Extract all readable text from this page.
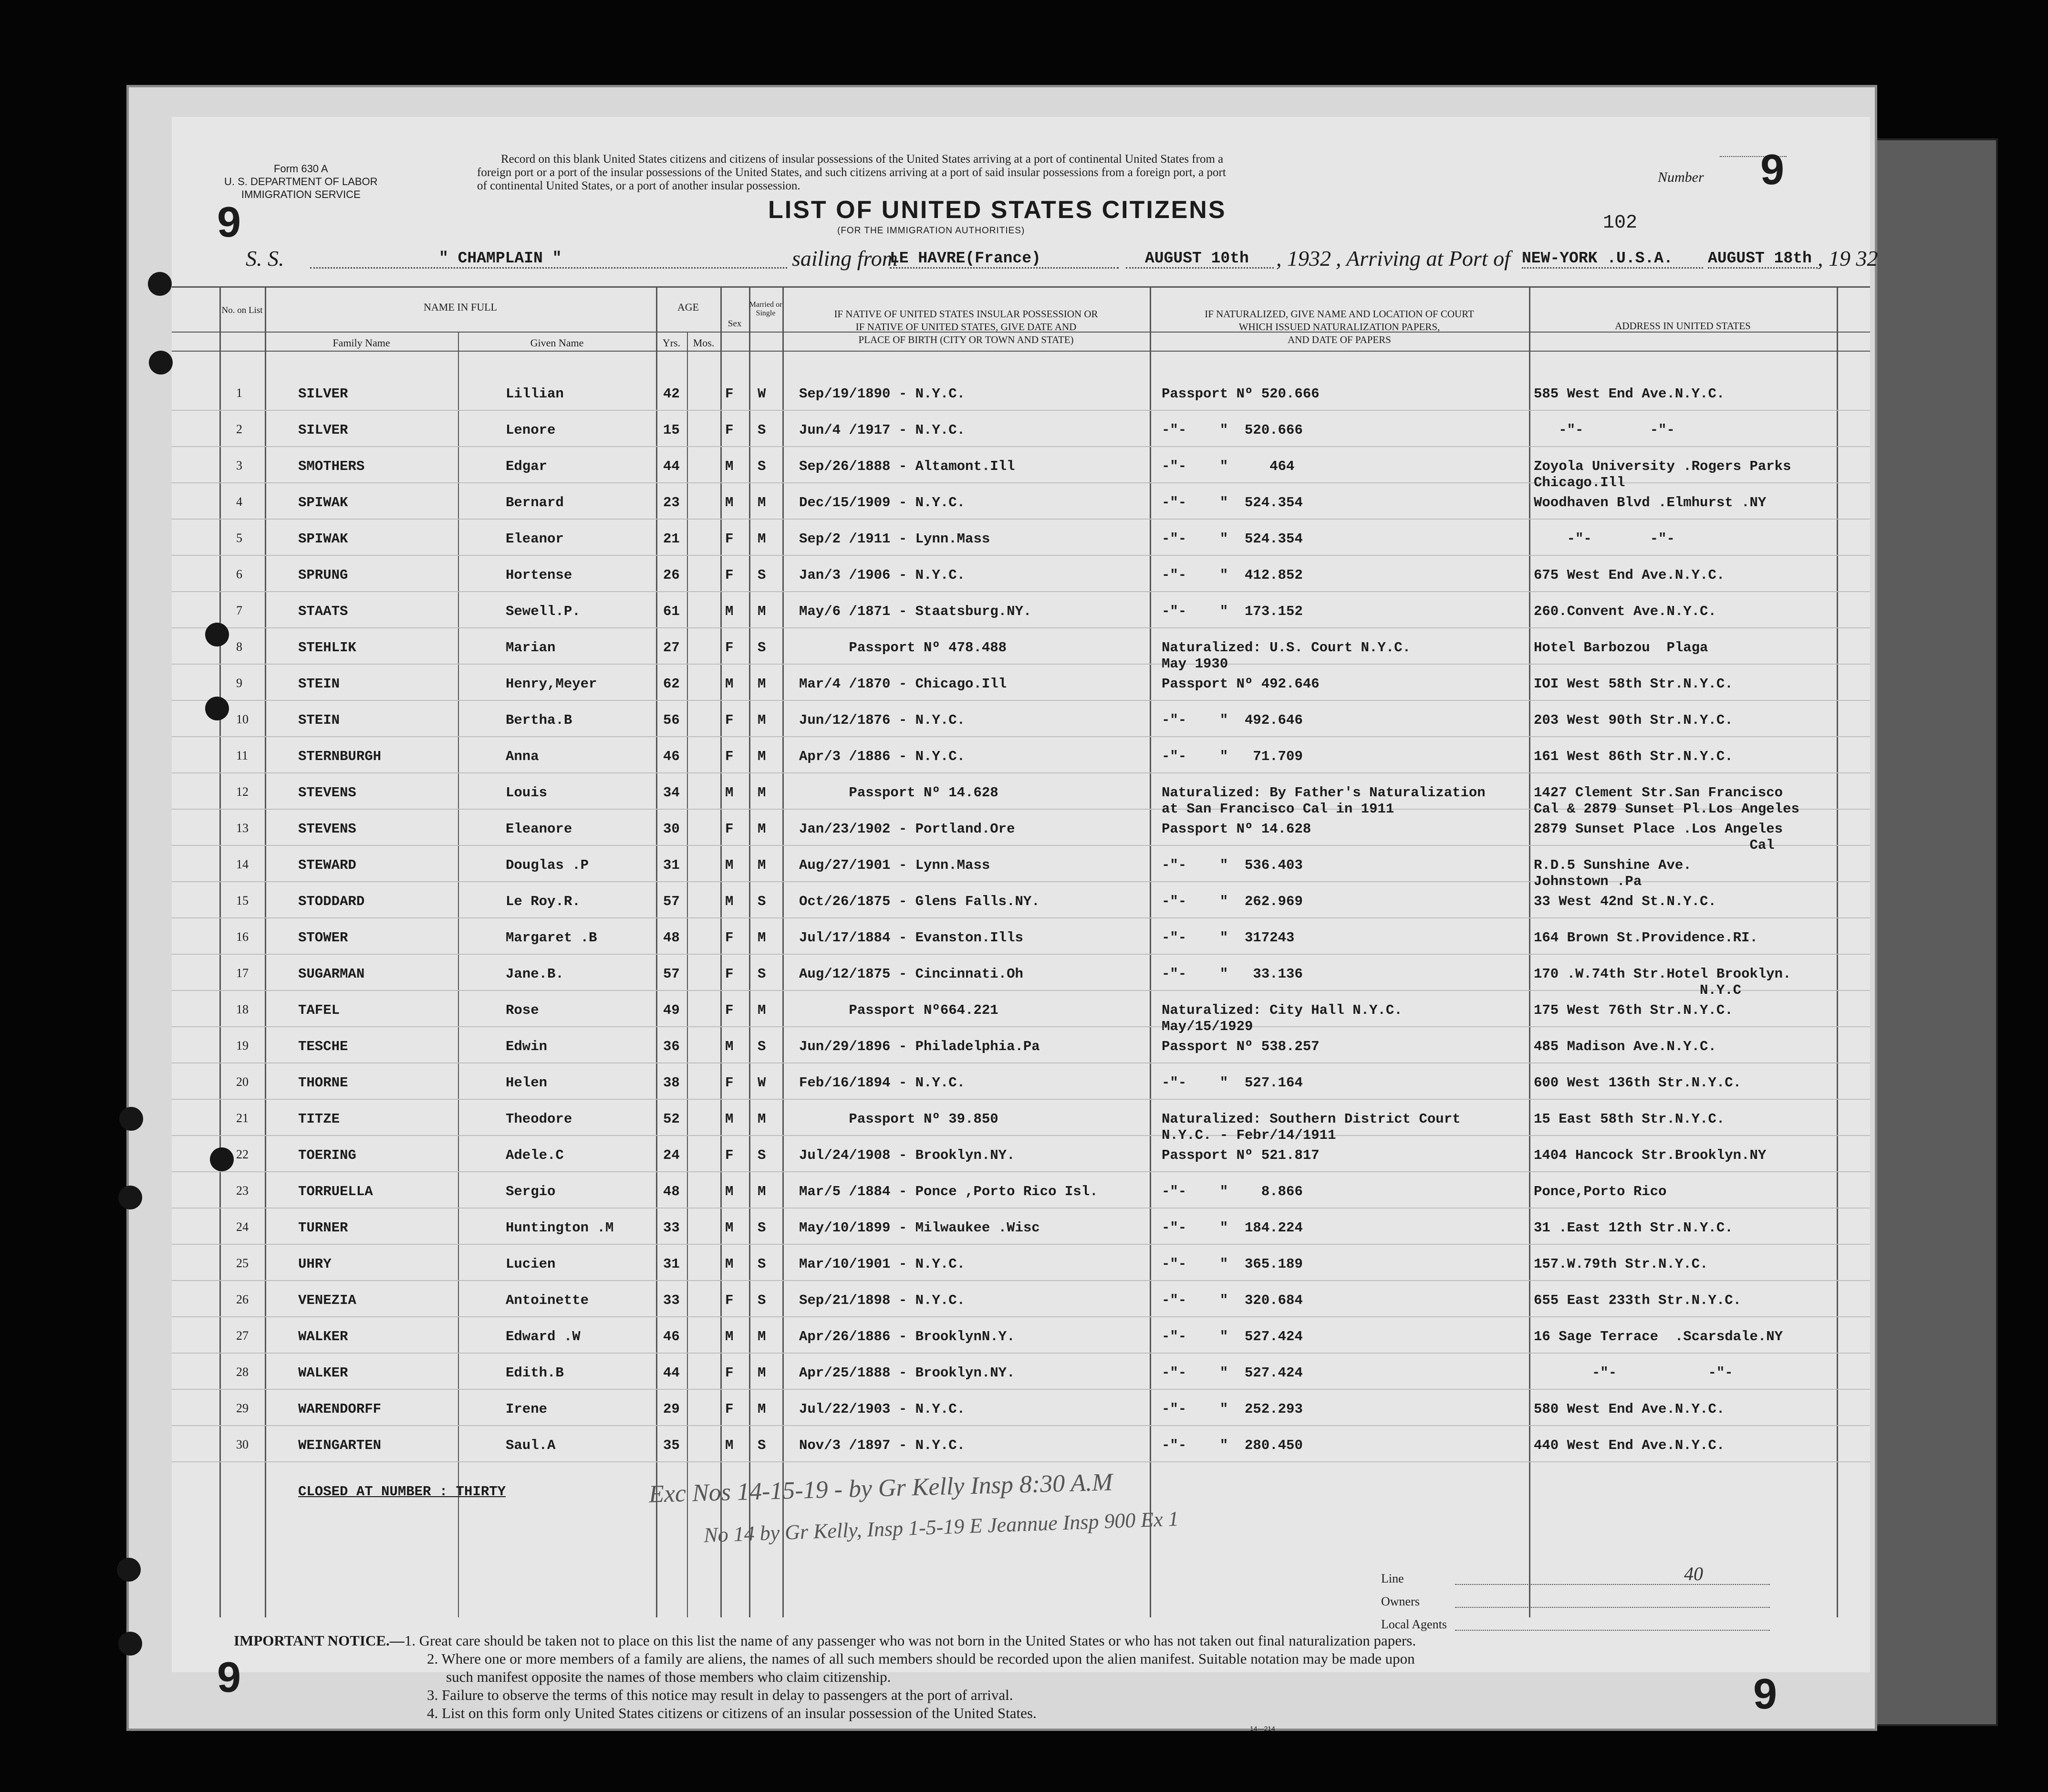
Form 630 A
U. S. DEPARTMENT OF LABOR
IMMIGRATION SERVICE
9
Record on this blank United States citizens and citizens of insular possessions of the United States arriving at a port of continental United States from a
foreign port or a port of the insular possessions of the United States, and such citizens arriving at a port of said insular possessions from a foreign port, a port
of continental United States, or a port of another insular possession.
Number 9
LIST OF UNITED STATES CITIZENS
(FOR THE IMMIGRATION AUTHORITIES)	102
S. S.	" CHAMPLAIN "	sailing from
LE HAVRE(France)	AUGUST 10th	, 1932 , Arriving at Port of NEW-YORK .U.S.A.	AUGUST 18th , 19 32
No. on List	NAME IN FULL
Family Name	Given Name
AGE
Yrs.	Mos.
Sex
Married or Single	IF NATIVE OF UNITED STATES INSULAR POSSESSION OR
IF NATIVE OF UNITED STATES, GIVE DATE AND
PLACE OF BIRTH (CITY OR TOWN AND STATE)
IF NATURALIZED, GIVE NAME AND LOCATION OF COURT
WHICH ISSUED NATURALIZATION PAPERS,
AND DATE OF PAPERS
ADDRESS IN UNITED STATES
1	SILVER	Lillian	42	F W Sep/19/1890 - N.Y.C.	Passport Nº 520.666	585 West End Ave.N.Y.C.
2	SILVER	Lenore	15	F S Jun/4 /1917 - N.Y.C.	-"-    "  520.666	-"-        -"-
3	SMOTHERS	Edgar	44	M S Sep/26/1888 - Altamont.Ill	-"-    "     464	Zoyola University .Rogers Parks
Chicago.Ill
4	SPIWAK	Bernard	23	M M Dec/15/1909 - N.Y.C.	-"-    "  524.354	Woodhaven Blvd .Elmhurst .NY
5	SPIWAK	Eleanor	21	F M Sep/2 /1911 - Lynn.Mass	-"-    "  524.354	-"-       -"-
6	SPRUNG	Hortense	26	F S Jan/3 /1906 - N.Y.C.	-"-    "  412.852	675 West End Ave.N.Y.C.
7	STAATS	Sewell.P.	61	M M May/6 /1871 - Staatsburg.NY.	-"-    "  173.152	260.Convent Ave.N.Y.C.
8	STEHLIK	Marian	27	F S Passport Nº 478.488	Naturalized: U.S. Court N.Y.C.	Hotel Barbozou  Plaga
May 1930
9	STEIN	Henry,Meyer	62	M M Mar/4 /1870 - Chicago.Ill	Passport Nº 492.646	IOI West 58th Str.N.Y.C.
10	STEIN	Bertha.B	56	F M Jun/12/1876 - N.Y.C.	-"-    "  492.646	203 West 90th Str.N.Y.C.
11	STERNBURGH	Anna	46	F M Apr/3 /1886 - N.Y.C.	-"-    "   71.709	161 West 86th Str.N.Y.C.
12	STEVENS	Louis	34	M M Passport Nº 14.628	Naturalized: By Father's Naturalization	1427 Clement Str.San Francisco
at San Francisco Cal in 1911	Cal & 2879 Sunset Pl.Los Angeles
13	STEVENS	Eleanore	30	F M Jan/23/1902 - Portland.Ore	Passport Nº 14.628	2879 Sunset Place .Los Angeles
Cal
14	STEWARD	Douglas .P	31	M M Aug/27/1901 - Lynn.Mass	-"-    "  536.403	R.D.5 Sunshine Ave.
Johnstown .Pa
15	STODDARD	Le Roy.R.	57	M S Oct/26/1875 - Glens Falls.NY.	-"-    "  262.969	33 West 42nd St.N.Y.C.
16	STOWER	Margaret .B	48	F M Jul/17/1884 - Evanston.Ills	-"-    "  317243	164 Brown St.Providence.RI.
17	SUGARMAN	Jane.B.	57	F S Aug/12/1875 - Cincinnati.Oh	-"-    "   33.136	170 .W.74th Str.Hotel Brooklyn.
N.Y.C
18	TAFEL	Rose	49	F M Passport Nº664.221	Naturalized: City Hall N.Y.C.	175 West 76th Str.N.Y.C.
May/15/1929
19	TESCHE	Edwin	36	M S Jun/29/1896 - Philadelphia.Pa	Passport Nº 538.257	485 Madison Ave.N.Y.C.
20	THORNE	Helen	38	F W Feb/16/1894 - N.Y.C.	-"-    "  527.164	600 West 136th Str.N.Y.C.
21	TITZE	Theodore	52	M M Passport Nº 39.850	Naturalized: Southern District Court	15 East 58th Str.N.Y.C.
N.Y.C. - Febr/14/1911
22	TOERING	Adele.C	24	F S Jul/24/1908 - Brooklyn.NY.	Passport Nº 521.817	1404 Hancock Str.Brooklyn.NY
23	TORRUELLA	Sergio	48	M M Mar/5 /1884 - Ponce ,Porto Rico Isl.	-"-    "    8.866	Ponce,Porto Rico
24	TURNER	Huntington .M	33	M S May/10/1899 - Milwaukee .Wisc	-"-    "  184.224	31 .East 12th Str.N.Y.C.
25	UHRY	Lucien	31	M S Mar/10/1901 - N.Y.C.	-"-    "  365.189	157.W.79th Str.N.Y.C.
26	VENEZIA	Antoinette	33	F S Sep/21/1898 - N.Y.C.	-"-    "  320.684	655 East 233th Str.N.Y.C.
27	WALKER	Edward .W	46	M M Apr/26/1886 - BrooklynN.Y.	-"-    "  527.424	16 Sage Terrace  .Scarsdale.NY
28	WALKER	Edith.B	44	F M Apr/25/1888 - Brooklyn.NY.	-"-    "  527.424	-"-           -"-
29	WARENDORFF	Irene	29	F M Jul/22/1903 - N.Y.C.	-"-    "  252.293	580 West End Ave.N.Y.C.
30	WEINGARTEN	Saul.A	35	M S Nov/3 /1897 - N.Y.C.	-"-    "  280.450	440 West End Ave.N.Y.C.
CLOSED AT NUMBER : THIRTY	Exc Nos 14-15-19 - by Gr Kelly Insp 8:30 A.M
No 14 by Gr Kelly, Insp 1-5-19 E Jeannue Insp 900 Ex 1
Line
Owners
Local Agents
40
IMPORTANT NOTICE.—1. Great care should be taken not to place on this list the name of any passenger who was not born in the United States or who has not taken out final naturalization papers.
2. Where one or more members of a family are aliens, the names of all such members should be recorded upon the alien manifest. Suitable notation may be made upon
such manifest opposite the names of those members who claim citizenship.
3. Failure to observe the terms of this notice may result in delay to passengers at the port of arrival.
4. List on this form only United States citizens or citizens of an insular possession of the United States.
9	9
14—214
